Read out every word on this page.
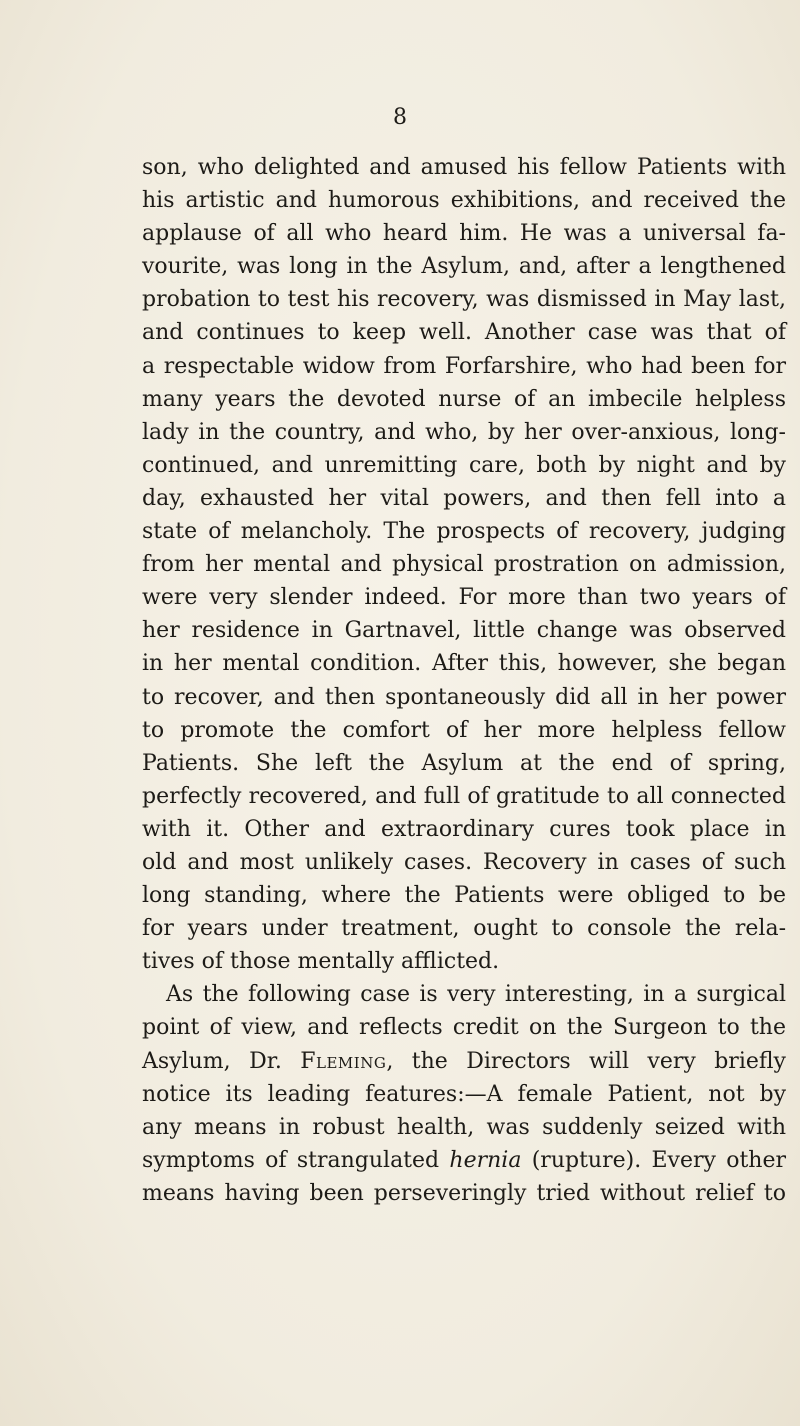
8
son, who delighted and amused his fellow Patients with
his artistic and humorous exhibitions, and received the
applause of all who heard him. He was a universal fa-
vourite, was long in the Asylum, and, after a lengthened
probation to test his recovery, was dismissed in May last,
and continues to keep well. Another case was that of
a respectable widow from Forfarshire, who had been for
many years the devoted nurse of an imbecile helpless
lady in the country, and who, by her over-anxious, long-
continued, and unremitting care, both by night and by
day, exhausted her vital powers, and then fell into a
state of melancholy. The prospects of recovery, judging
from her mental and physical prostration on admission,
were very slender indeed. For more than two years of
her residence in Gartnavel, little change was observed
in her mental condition. After this, however, she began
to recover, and then spontaneously did all in her power
to promote the comfort of her more helpless fellow
Patients. She left the Asylum at the end of spring,
perfectly recovered, and full of gratitude to all connected
with it. Other and extraordinary cures took place in
old and most unlikely cases. Recovery in cases of such
long standing, where the Patients were obliged to be
for years under treatment, ought to console the rela-
tives of those mentally afflicted.
As the following case is very interesting, in a surgical
point of view, and reflects credit on the Surgeon to the
Asylum, Dr. Fleming, the Directors will very briefly
notice its leading features:—A female Patient, not by
any means in robust health, was suddenly seized with
symptoms of strangulated hernia (rupture). Every other
means having been perseveringly tried without relief to
